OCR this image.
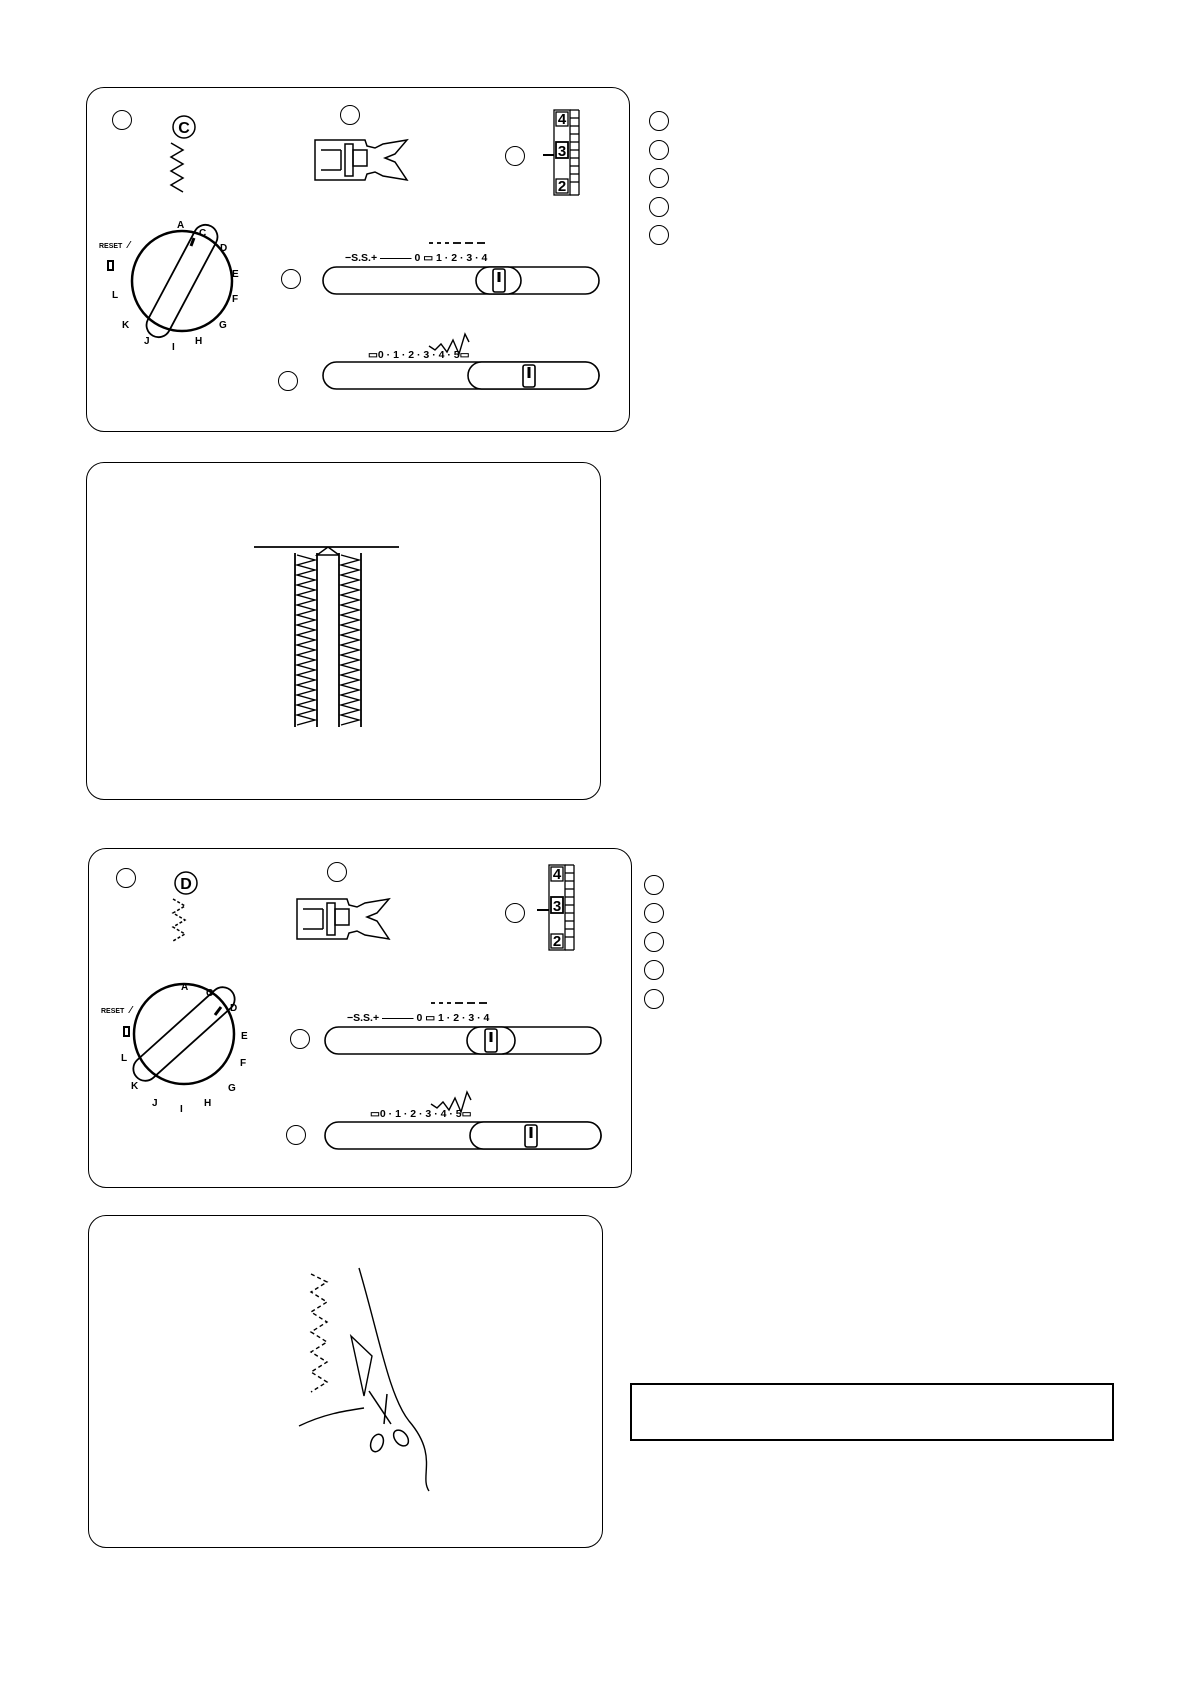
C
4
3
2
RESET ⁄
A
C
D
E
F
G
H
I
J
K
L
−S.S.+ ——— 0 ▭ 1 · 2 · 3 · 4
▭0 · 1 · 2 · 3 · 4 · 5▭
D
4
3
2
RESET ⁄
A
C
D
E
F
G
H
I
J
K
L
−S.S.+ ——— 0 ▭ 1 · 2 · 3 · 4
▭0 · 1 · 2 · 3 · 4 · 5▭
